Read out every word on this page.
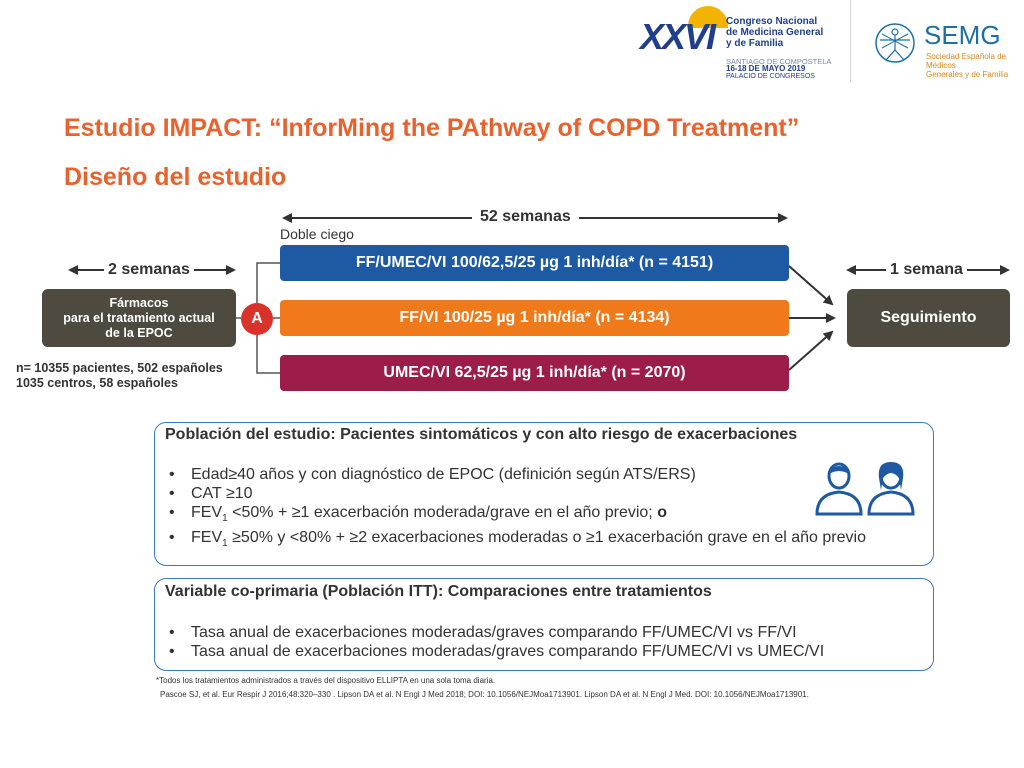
XXVI Congreso Nacional
de Medicina General
y de Familia
SANTIAGO DE COMPOSTELA
16-18 DE MAYO 2019
PALACIO DE CONGRESOS
SEMG
Sociedad Española de Médicos
Generales y de Familia
Estudio IMPACT: “InforMing the PAthway of COPD Treatment”
Diseño del estudio
52 semanas
Doble ciego
2 semanas	1 semana
Fármacos
para el tratamiento actual
de la EPOC
A
FF/UMEC/VI 100/62,5/25 µg 1 inh/día* (n = 4151)
FF/VI 100/25 µg 1 inh/día* (n = 4134)
UMEC/VI 62,5/25 µg 1 inh/día* (n = 2070)
Seguimiento
n= 10355 pacientes, 502 españoles
1035 centros, 58 españoles
Población del estudio: Pacientes sintomáticos y con alto riesgo de exacerbaciones
• Edad≥40 años y con diagnóstico de EPOC (definición según ATS/ERS)
• CAT ≥10
• $FEV_1 <50\% + \ge 1$ exacerbación moderada/grave en el año previo; o
• $FEV_1 \ge 50\%$ y <80% + ≥2 exacerbaciones moderadas o ≥1 exacerbación grave en el año previo
Variable co-primaria (Población ITT): Comparaciones entre tratamientos
• Tasa anual de exacerbaciones moderadas/graves comparando FF/UMEC/VI vs FF/VI
• Tasa anual de exacerbaciones moderadas/graves comparando FF/UMEC/VI vs UMEC/VI
*Todos los tratamientos administrados a través del dispositivo ELLIPTA en una sola toma diaria.
Pascoe SJ, et al. Eur Respir J 2016;48:320–330 . Lipson DA et al. N Engl J Med 2018; DOI: 10.1056/NEJMoa1713901. Lipson DA et al. N Engl J Med. DOI: 10.1056/NEJMoa1713901.
